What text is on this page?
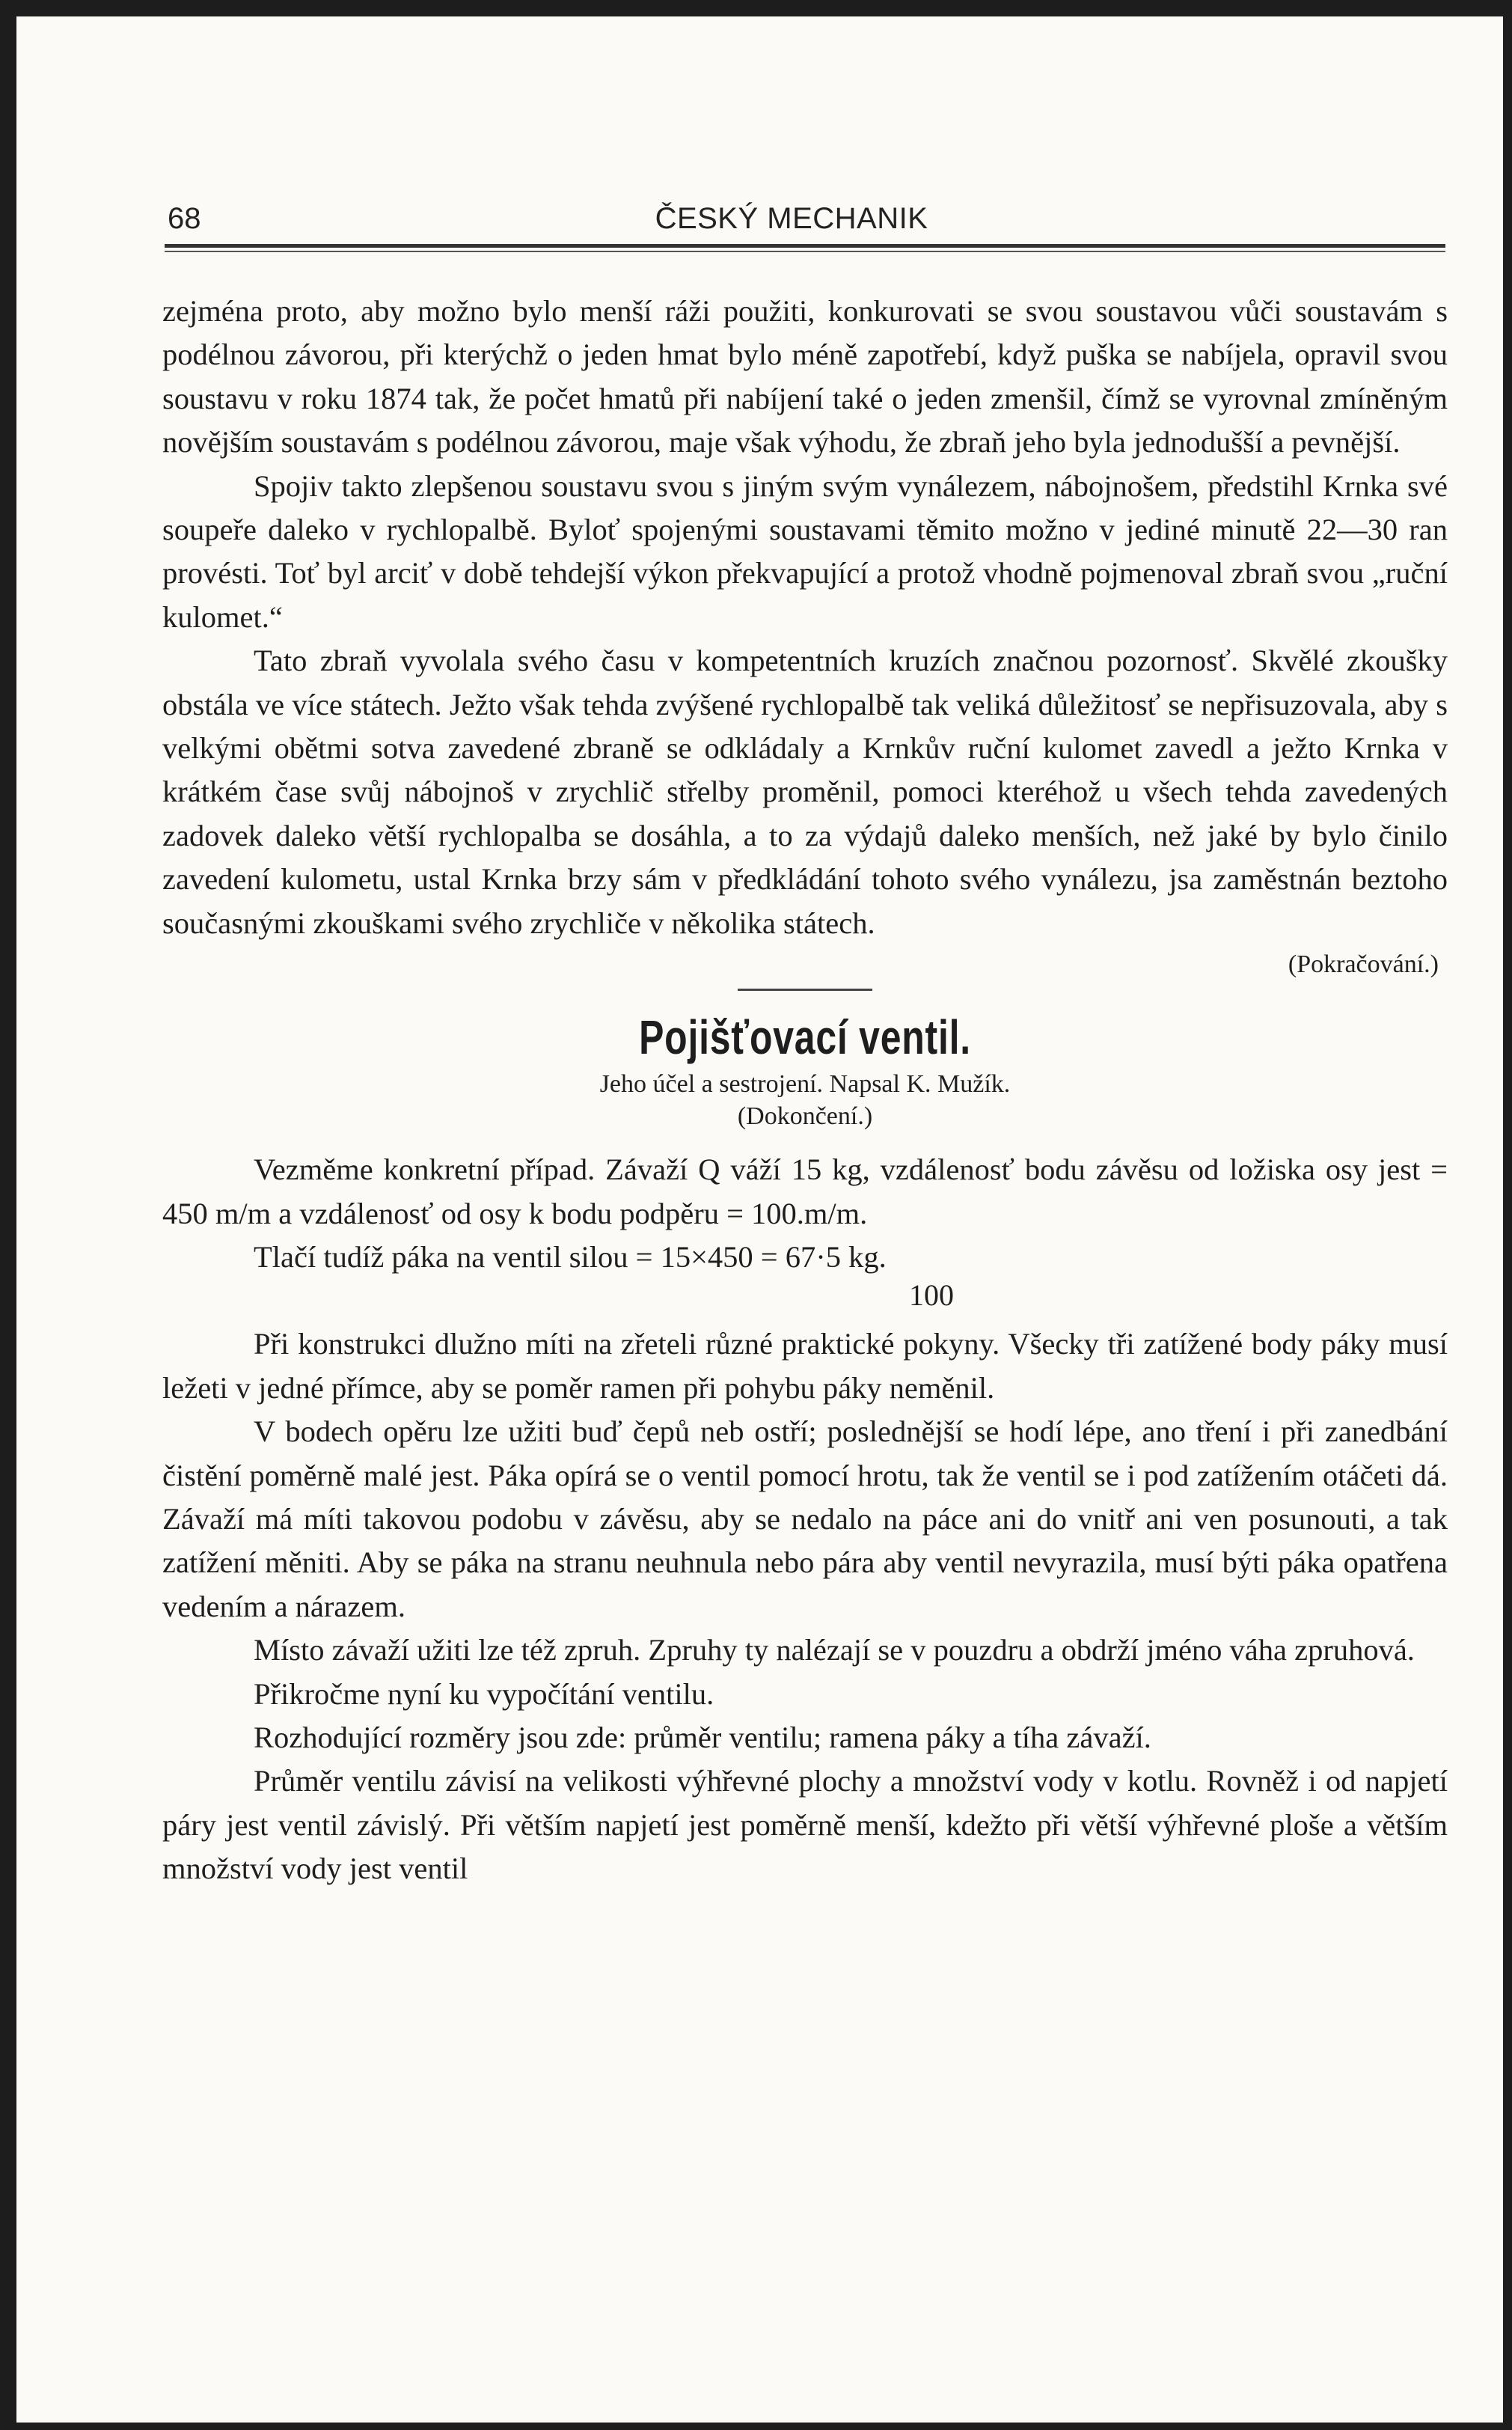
68	ČESKÝ MECHANIK

zejména proto, aby možno bylo menší ráži použiti, konkurovati se svou soustavou vůči soustavám s podélnou závorou, při kterýchž o jeden hmat bylo méně zapotřebí, když puška se nabíjela, opravil svou soustavu v roku 1874 tak, že počet hmatů při nabíjení také o jeden zmenšil, čímž se vyrovnal zmíněným novějším soustavám s podélnou závorou, maje však výhodu, že zbraň jeho byla jednodušší a pevnější.

Spojiv takto zlepšenou soustavu svou s jiným svým vynálezem, nábojnošem, předstihl Krnka své soupeře daleko v rychlopalbě. Byloť spojenými soustavami těmito možno v jediné minutě 22—30 ran provésti. Toť byl arciť v době tehdejší výkon překvapující a protož vhodně pojmenoval zbraň svou „ruční kulomet.“

Tato zbraň vyvolala svého času v kompetentních kruzích značnou pozornosť. Skvělé zkoušky obstála ve více státech. Ježto však tehda zvýšené rychlopalbě tak veliká důležitosť se nepřisuzovala, aby s velkými obětmi sotva zavedené zbraně se odkládaly a Krnkův ruční kulomet zavedl a ježto Krnka v krátkém čase svůj nábojnoš v zrychlič střelby proměnil, pomoci kteréhož u všech tehda zavedených zadovek daleko větší rychlopalba se dosáhla, a to za výdajů daleko menších, než jaké by bylo činilo zavedení kulometu, ustal Krnka brzy sám v předkládání tohoto svého vynálezu, jsa zaměstnán beztoho současnými zkouškami svého zrychliče v několika státech.

(Pokračování.)

Pojišťovací ventil.
Jeho účel a sestrojení. Napsal K. Mužík.
(Dokončení.)

Vezměme konkretní případ. Závaží Q váží 15 kg, vzdálenosť bodu závěsu od ložiska osy jest = 450 m/m a vzdálenosť od osy k bodu podpěru = 100.m/m.

Tlačí tudíž páka na ventil silou = 15×450 = 67·5 kg.

100

Při konstrukci dlužno míti na zřeteli různé praktické pokyny. Všecky tři zatížené body páky musí ležeti v jedné přímce, aby se poměr ramen při pohybu páky neměnil.

V bodech opěru lze užiti buď čepů neb ostří; poslednější se hodí lépe, ano tření i při zanedbání čistění poměrně malé jest. Páka opírá se o ventil pomocí hrotu, tak že ventil se i pod zatížením otáčeti dá. Závaží má míti takovou podobu v závěsu, aby se nedalo na páce ani do vnitř ani ven posunouti, a tak zatížení měniti. Aby se páka na stranu neuhnula nebo pára aby ventil nevyrazila, musí býti páka opatřena vedením a nárazem.

Místo závaží užiti lze též zpruh. Zpruhy ty nalézají se v pouzdru a obdrží jméno váha zpruhová.

Přikročme nyní ku vypočítání ventilu.

Rozhodující rozměry jsou zde: průměr ventilu; ramena páky a tíha závaží.

Průměr ventilu závisí na velikosti výhřevné plochy a množství vody v kotlu. Rovněž i od napjetí páry jest ventil závislý. Při větším napjetí jest poměrně menší, kdežto při větší výhřevné ploše a větším množství vody jest ventil
